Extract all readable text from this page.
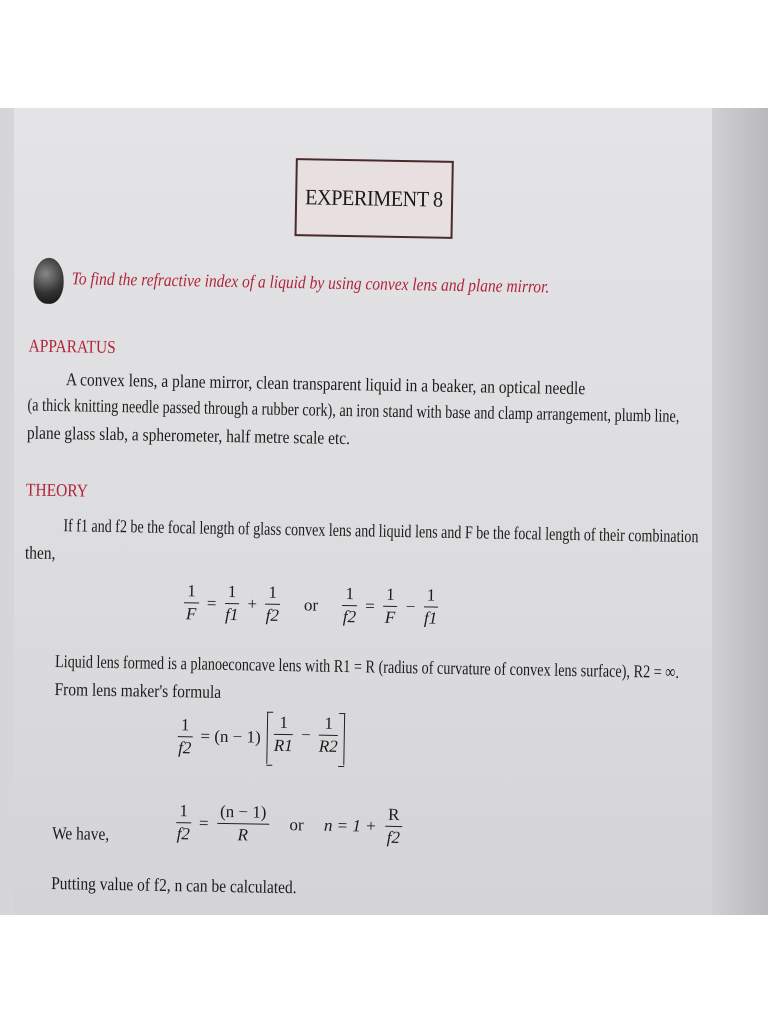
EXPERIMENT 8
To find the refractive index of a liquid by using convex lens and plane mirror.
APPARATUS
A convex lens, a plane mirror, clean transparent liquid in a beaker, an optical needle
(a thick knitting needle passed through a rubber cork), an iron stand with base and clamp arrangement, plumb line,
plane glass slab, a spherometer, half metre scale etc.
THEORY
If f1 and f2 be the focal length of glass convex lens and liquid lens and F be the focal length of their combination
then,
$\frac{1}{F} = \frac{1}{f1} + \frac{1}{f2}$ or $\frac{1}{f2} = \frac{1}{F} - \frac{1}{f1}$
Liquid lens formed is a planoeconcave lens with R1 = R (radius of curvature of convex lens surface), R2 = ∞.
From lens maker's formula
$\frac{1}{f2} = (n - 1) \frac{1}{R1} - \frac{1}{R2}$
We have,	$\frac{1}{f2} = \frac{(n - 1)}{R}$ or $n = 1 + \frac{R}{f2}$
Putting value of f2, n can be calculated.
